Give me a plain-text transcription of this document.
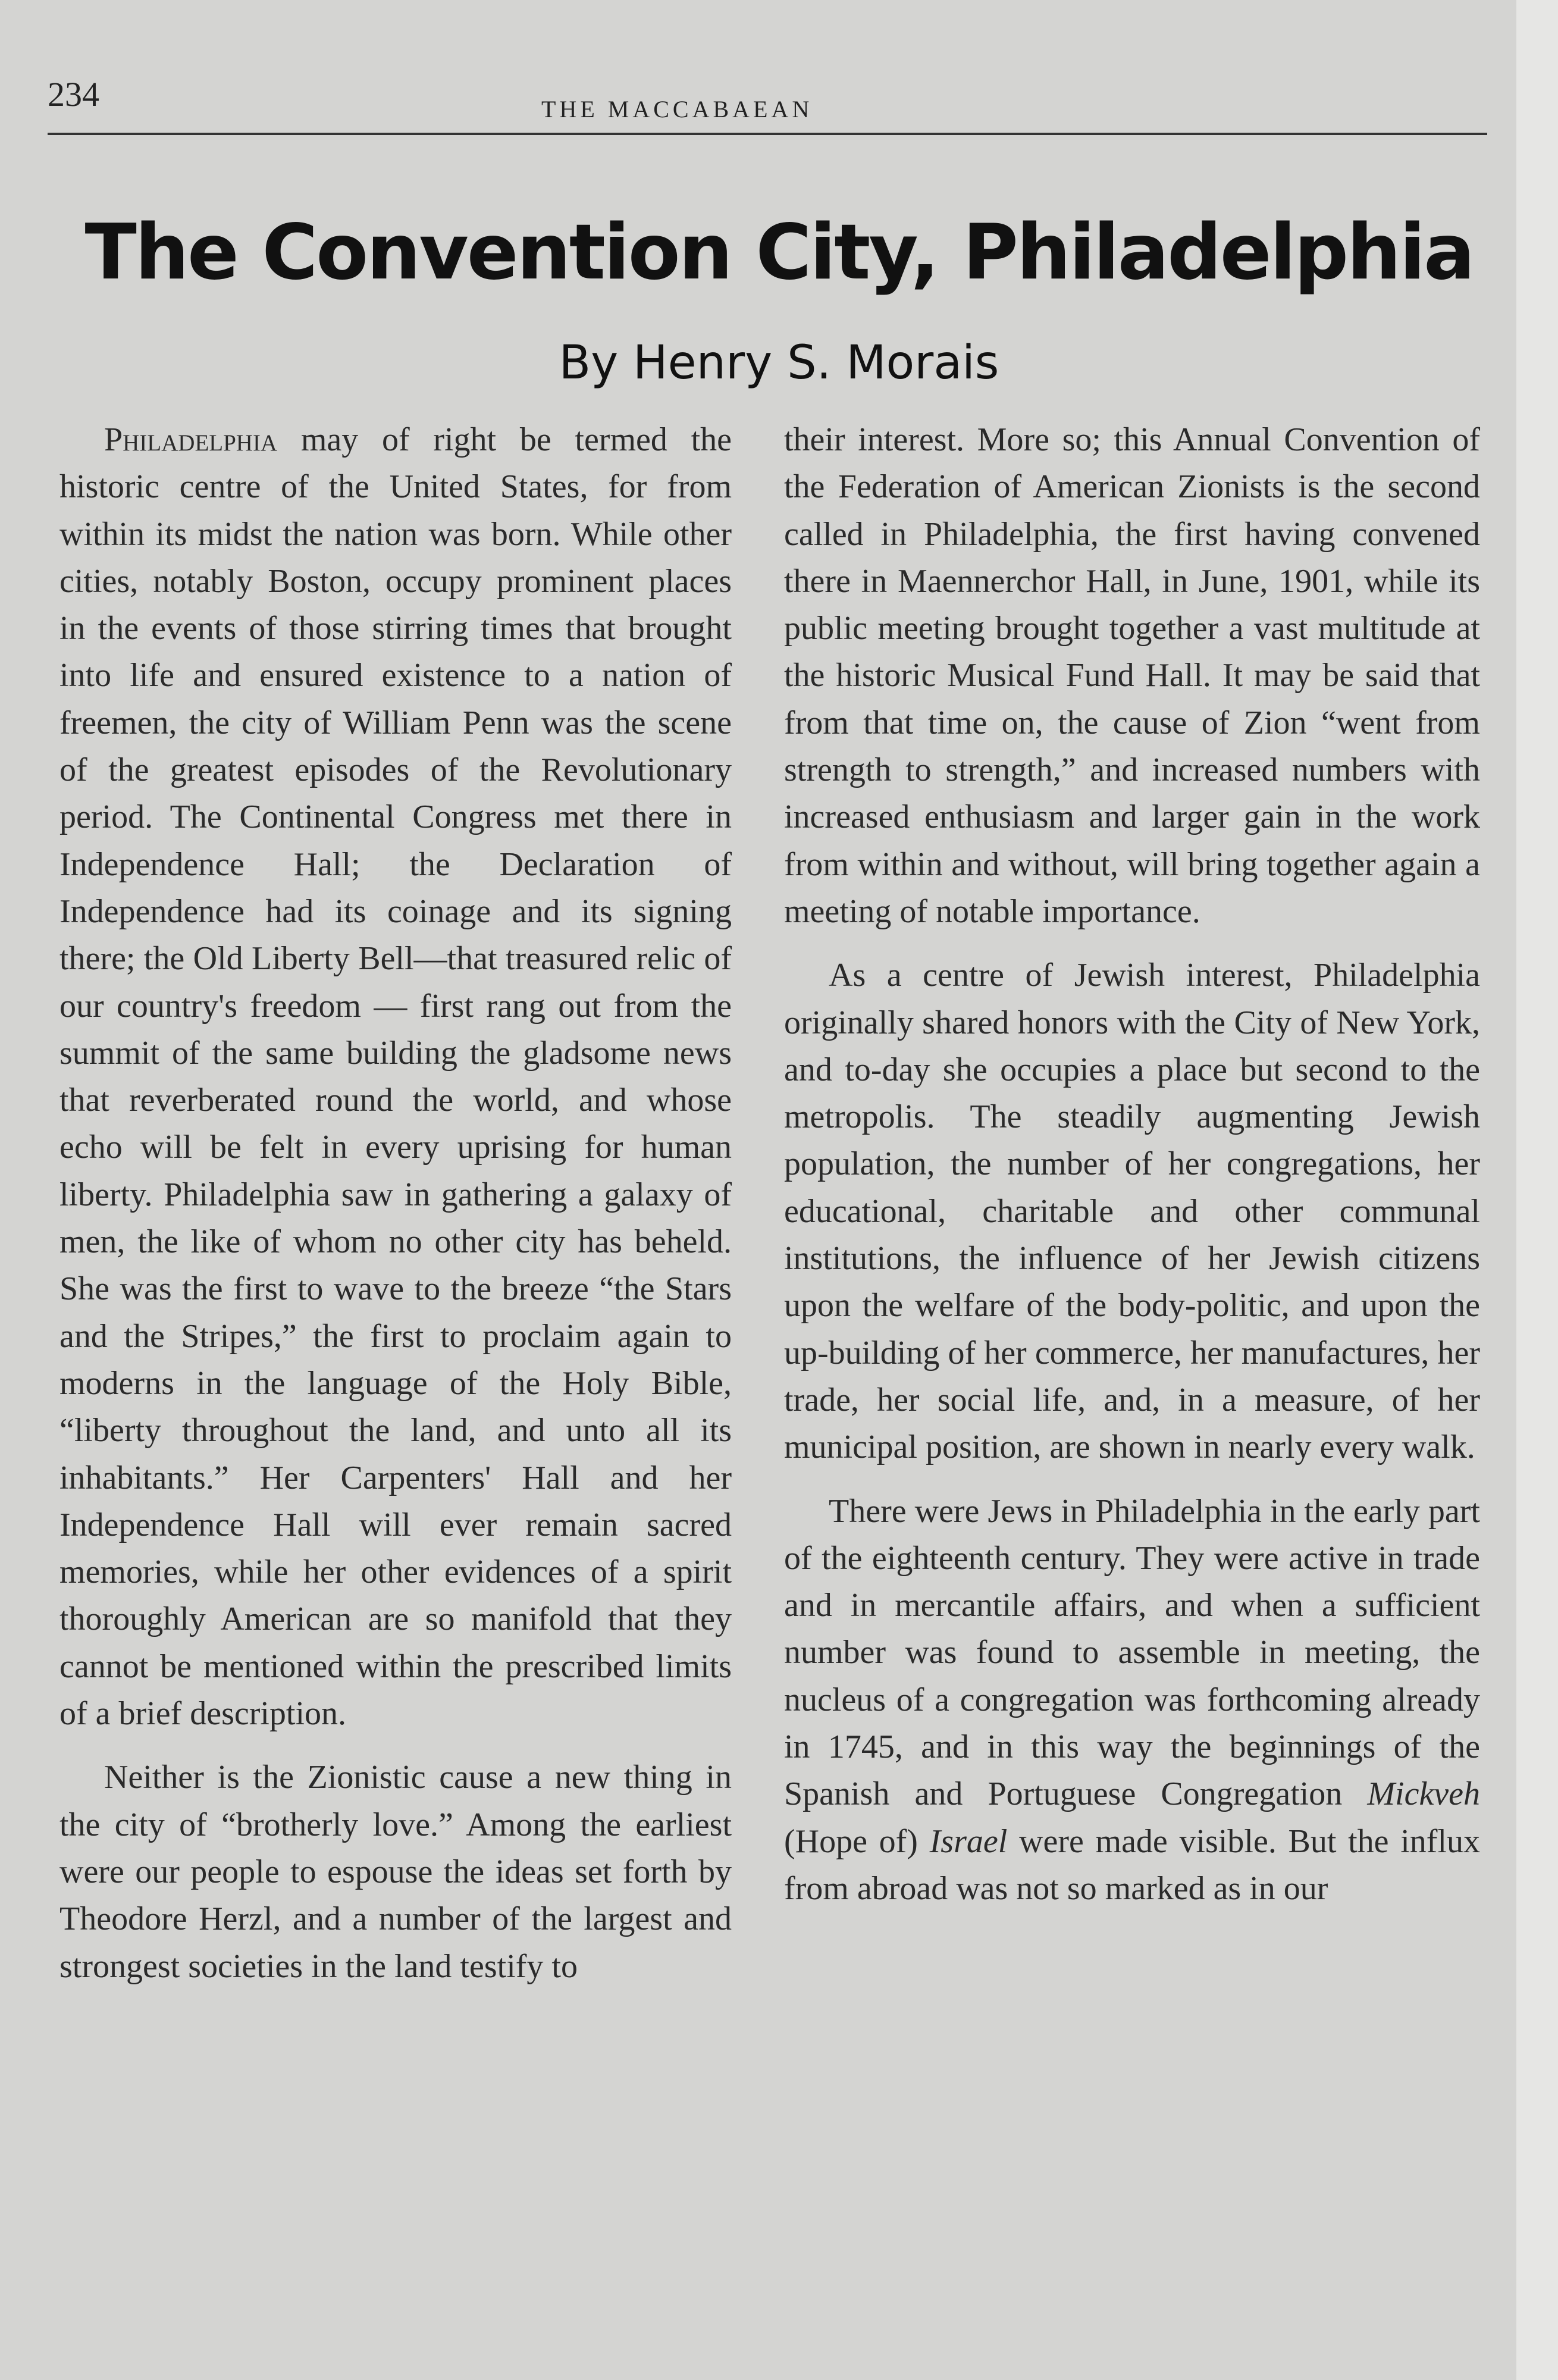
234	THE MACCABAEAN
The Convention City, Philadelphia
By Henry S. Morais

Philadelphia may of right be termed the historic centre of the United States, for from within its midst the nation was born. While other cities, notably Boston, occupy prominent places in the events of those stirring times that brought into life and ensured existence to a nation of freemen, the city of William Penn was the scene of the greatest episodes of the Revolutionary period. The Continental Congress met there in Independence Hall; the Declaration of Independence had its coinage and its signing there; the Old Liberty Bell—that treasured relic of our country's freedom — first rang out from the summit of the same building the gladsome news that reverberated round the world, and whose echo will be felt in every uprising for human liberty. Philadelphia saw in gathering a galaxy of men, the like of whom no other city has beheld. She was the first to wave to the breeze “the Stars and the Stripes,” the first to proclaim again to moderns in the language of the Holy Bible, “liberty throughout the land, and unto all its inhabitants.” Her Carpenters' Hall and her Independence Hall will ever remain sacred memories, while her other evidences of a spirit thoroughly American are so manifold that they cannot be mentioned within the prescribed limits of a brief description.

Neither is the Zionistic cause a new thing in the city of “brotherly love.” Among the earliest were our people to espouse the ideas set forth by Theodore Herzl, and a number of the largest and strongest societies in the land testify to

their interest. More so; this Annual Convention of the Federation of American Zionists is the second called in Philadelphia, the first having convened there in Maennerchor Hall, in June, 1901, while its public meeting brought together a vast multitude at the historic Musical Fund Hall. It may be said that from that time on, the cause of Zion “went from strength to strength,” and increased numbers with increased enthusiasm and larger gain in the work from within and without, will bring together again a meeting of notable importance.

As a centre of Jewish interest, Philadelphia originally shared honors with the City of New York, and to-day she occupies a place but second to the metropolis. The steadily augmenting Jewish population, the number of her congregations, her educational, charitable and other communal institutions, the influence of her Jewish citizens upon the welfare of the body-politic, and upon the up-building of her commerce, her manufactures, her trade, her social life, and, in a measure, of her municipal position, are shown in nearly every walk.

There were Jews in Philadelphia in the early part of the eighteenth century. They were active in trade and in mercantile affairs, and when a sufficient number was found to assemble in meeting, the nucleus of a congregation was forthcoming already in 1745, and in this way the beginnings of the Spanish and Portuguese Congregation Mickveh (Hope of) Israel were made visible. But the influx from abroad was not so marked as in our
